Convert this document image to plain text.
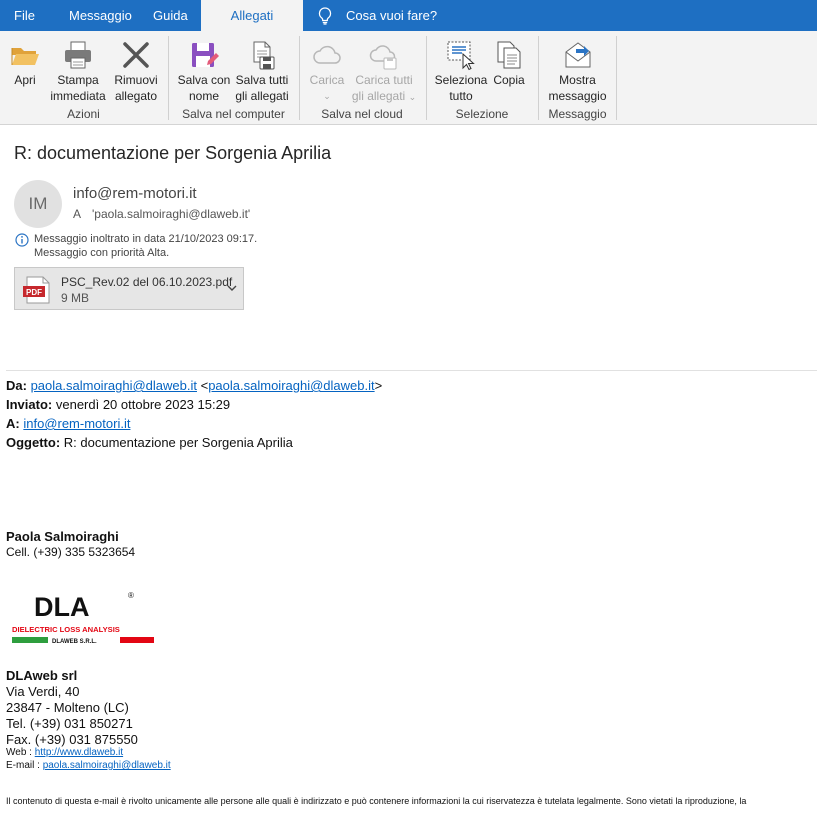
File	Messaggio Guida	Allegati	Cosa vuoi fare?
Apri	Stampa
immediata
Rimuovi
allegato
Azioni
Salva con
nome
Salva tutti
gli allegati
Salva nel computer
Carica
⌄
Carica tutti
gli allegati ⌄
Salva nel cloud
Seleziona
tutto
Copia
Selezione
Mostra
messaggio
Messaggio
R: documentazione per Sorgenia Aprilia
IM
info@rem-motori.it
A 'paola.salmoiraghi@dlaweb.it'
Messaggio inoltrato in data 21/10/2023 09:17.
Messaggio con priorità Alta.
PDF
PSC_Rev.02 del 06.10.2023.pdf
9 MB
Da: paola.salmoiraghi@dlaweb.it <paola.salmoiraghi@dlaweb.it>
Inviato: venerdì 20 ottobre 2023 15:29
A: info@rem-motori.it
Oggetto: R: documentazione per Sorgenia Aprilia
Paola Salmoiraghi
Cell. (+39) 335 5323654
DLA	®
DIELECTRIC LOSS ANALYSIS
DLAWEB S.R.L.
DLAweb srl
Via Verdi, 40
23847 - Molteno (LC)
Tel. (+39) 031 850271
Fax. (+39) 031 875550
Web : http://www.dlaweb.it
E-mail : paola.salmoiraghi@dlaweb.it
Il contenuto di questa e-mail è rivolto unicamente alle persone alle quali è indirizzato e può contenere informazioni la cui riservatezza è tutelata legalmente. Sono vietati la riproduzione, la
